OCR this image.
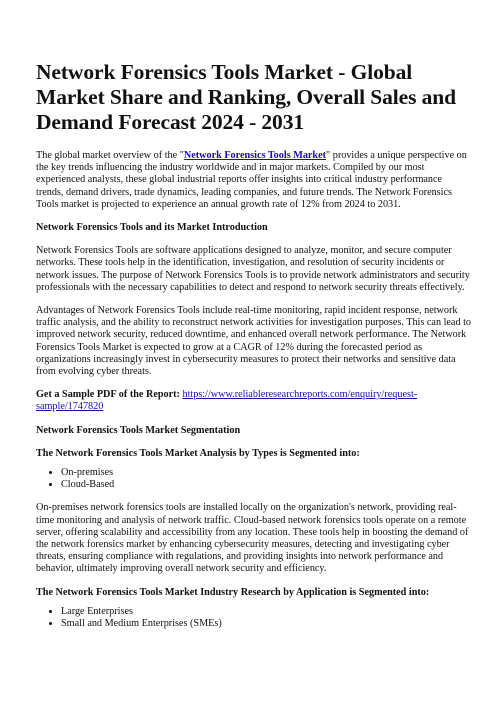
Network Forensics Tools Market - Global Market Share and Ranking, Overall Sales and Demand Forecast 2024 - 2031

The global market overview of the "Network Forensics Tools Market" provides a unique perspective on the key trends influencing the industry worldwide and in major markets. Compiled by our most experienced analysts, these global industrial reports offer insights into critical industry performance trends, demand drivers, trade dynamics, leading companies, and future trends. The Network Forensics Tools market is projected to experience an annual growth rate of 12% from 2024 to 2031.

Network Forensics Tools and its Market Introduction

Network Forensics Tools are software applications designed to analyze, monitor, and secure computer networks. These tools help in the identification, investigation, and resolution of security incidents or network issues. The purpose of Network Forensics Tools is to provide network administrators and security professionals with the necessary capabilities to detect and respond to network security threats effectively.

Advantages of Network Forensics Tools include real-time monitoring, rapid incident response, network traffic analysis, and the ability to reconstruct network activities for investigation purposes. This can lead to improved network security, reduced downtime, and enhanced overall network performance. The Network Forensics Tools Market is expected to grow at a CAGR of 12% during the forecasted period as organizations increasingly invest in cybersecurity measures to protect their networks and sensitive data from evolving cyber threats.

Get a Sample PDF of the Report: https://www.reliableresearchreports.com/enquiry/request-sample/1747820

Network Forensics Tools Market Segmentation

The Network Forensics Tools Market Analysis by Types is Segmented into:

• On-premises
• Cloud-Based

On-premises network forensics tools are installed locally on the organization's network, providing real-time monitoring and analysis of network traffic. Cloud-based network forensics tools operate on a remote server, offering scalability and accessibility from any location. These tools help in boosting the demand of the network forensics market by enhancing cybersecurity measures, detecting and investigating cyber threats, ensuring compliance with regulations, and providing insights into network performance and behavior, ultimately improving overall network security and efficiency.

The Network Forensics Tools Market Industry Research by Application is Segmented into:

• Large Enterprises
• Small and Medium Enterprises (SMEs)
